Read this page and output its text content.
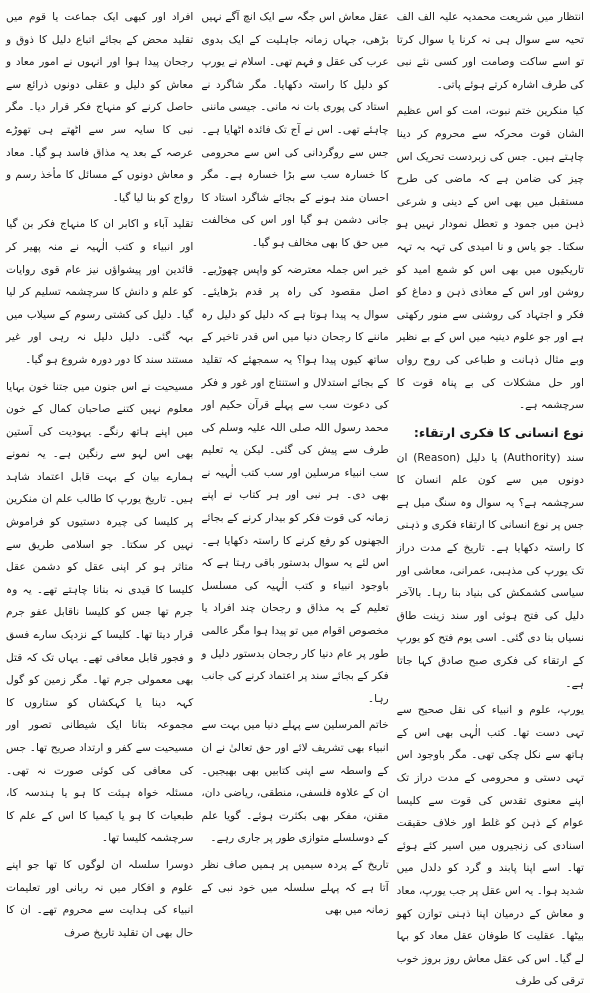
انتظار میں شریعت محمدیہ علیہ الف الف تحیہ سے سوال ہی نہ کرنا یا سوال کرتا تو اسے ساکت وصامت اور کسی نئے نبی کی طرف اشارہ کرتے ہوئے پاتی۔

کیا منکرین ختم نبوت، امت کو اس عظیم الشان قوت محرکہ سے محروم کر دینا چاہتے ہیں۔ جس کی زبردست تحریک اس چیز کی ضامن ہے کہ ماضی کی طرح مستقبل میں بھی اس کے دینی و شرعی ذہن میں جمود و تعطل نمودار نہیں ہو سکتا۔ جو یاس و نا امیدی کی تہہ بہ تہہ تاریکیوں میں بھی اس کو شمع امید کو روشن اور اس کے معاذی ذہن و دماغ کو فکر و اجتہاد کی روشنی سے منور رکھتی ہے اور جو علوم دینیہ میں اس کے بے نظیر وبے مثال ذہانت و طباعی کی روح رواں اور حل مشکلات کی بے پناہ قوت کا سرچشمہ ہے۔

نوع انسانی کا فکری ارتقاء:

سند (Authority) یا دلیل (Reason) ان دونوں میں سے کون علم انسان کا سرچشمہ ہے؟ یہ سوال وہ سنگ میل ہے جس پر نوع انسانی کا ارتقاء فکری و ذہنی کا راستہ دکھایا ہے۔ تاریخ کے مدت دراز تک یورپ کی مذہبی، عمرانی، معاشی اور سیاسی کشمکش کی بنیاد بنا رہا۔ بالآخر دلیل کی فتح ہوئی اور سند زینت طاق نسیاں بنا دی گئی۔ اسی یوم فتح کو یورپ کے ارتقاء کی فکری صبح صادق کہا جاتا ہے۔

یورپ، علوم و انبیاء کی نقل صحیح سے تہی دست تھا۔ کتب الٰہی بھی اس کے ہاتھ سے نکل چکی تھی۔ مگر باوجود اس تہی دستی و محرومی کے مدت دراز تک اپنے معنوی تقدس کی قوت سے کلیسا عوام کے ذہن کو غلط اور خلاف حقیقت اسنادی کی زنجیروں میں اسیر کئے ہوئے تھا۔ اسے اپنا پابند و گرد کو دلدل میں شدید ہوا۔ یہ اس عقل پر جب یورپ، معاد و معاش کے درمیان اپنا ذہنی توازن کھو بیٹھا۔ عقلیت کا طوفان عقل معاد کو بہا لے گیا۔ اس کی عقل معاش روز بروز خوب ترقی کی طرف

عقل معاش اس جگہ سے ایک انچ آگے نہیں بڑھی، جہاں زمانہ جاہلیت کے ایک بدوی عرب کی عقل و فہم تھی۔ اسلام نے یورپ کو دلیل کا راستہ دکھایا۔ مگر شاگرد نے استاد کی پوری بات نہ مانی۔ جیسی ماننی چاہئے تھی۔ اس نے آج تک فائدہ اٹھایا ہے۔ جس سے روگردانی کی اس سے محرومی کا خسارہ سب سے بڑا خسارہ ہے۔ مگر احسان مند ہونے کے بجائے شاگرد استاد کا جانی دشمن ہو گیا اور اس کی مخالفت میں حق کا بھی مخالف ہو گیا۔

خیر اس جملہ معترضہ کو واپس چھوڑیے۔ اصل مقصود کی راہ پر قدم بڑھایئے۔ سوال یہ پیدا ہوتا ہے کہ دلیل کو دلیل رہ ماننے کا رجحان دنیا میں اس قدر تاخیر کے ساتھ کیوں پیدا ہوا؟ یہ سمجھئے کہ تقلید کے بجائے استدلال و استنتاج اور غور و فکر کی دعوت سب سے پہلے قرآن حکیم اور محمد رسول اللہ صلی اللہ علیہ وسلم کی طرف سے پیش کی گئی۔ لیکن یہ تعلیم سب انبیاء مرسلین اور سب کتب الٰہیہ نے بھی دی۔ ہر نبی اور ہر کتاب نے اپنے زمانہ کی قوت فکر کو بیدار کرنے کے بجائے الجھنوں کو رفع کرنے کا راستہ دکھایا ہے۔ اس لئے یہ سوال بدستور باقی رہتا ہے کہ باوجود انبیاء و کتب الٰہیہ کی مسلسل تعلیم کے یہ مذاق و رجحان چند افراد یا مخصوص اقوام میں تو پیدا ہوا مگر عالمی طور پر عام دنیا کار رجحان بدستور دلیل و فکر کے بجائے سند پر اعتماد کرنے کی جانب رہا۔

خاتم المرسلین سے پہلے دنیا میں بہت سے انبیاء بھی تشریف لائے اور حق تعالیٰ نے ان کے واسطہ سے اپنی کتابیں بھی بھیجیں۔ ان کے علاوہ فلسفی، منطقی، ریاضی دان، مقنن، مفکر بھی بکثرت ہوئے۔ گویا علم کے دوسلسلے متوازی طور پر جاری رہے۔

تاریخ کے پردہ سیمیں پر ہمیں صاف نظر آتا ہے کہ پہلے سلسلہ میں خود نبی کے زمانہ میں بھی

افراد اور کبھی ایک جماعت یا قوم میں تقلید محض کے بجائے اتباع دلیل کا ذوق و رجحان پیدا ہوا اور انہوں نے امور معاد و معاش کو دلیل و عقلی دونوں ذرائع سے حاصل کرنے کو منہاج فکر قرار دیا۔ مگر نبی کا سایہ سر سے اٹھتے ہی تھوڑے عرصہ کے بعد یہ مذاق فاسد ہو گیا۔ معاد و معاش دونوں کے مسائل کا مأخذ رسم و رواج کو بنا لیا گیا۔

تقلید آباء و اکابر ان کا منہاج فکر بن گیا اور انبیاء و کتب الٰہیہ نے منہ پھیر کر قائدین اور پیشواؤں نیز عام قوی روایات کو علم و دانش کا سرچشمہ تسلیم کر لیا گیا۔ دلیل کی کشتی رسوم کے سیلاب میں بہہ گئی۔ دلیل دلیل نہ رہی اور غیر مستند سند کا دور دورہ شروع ہو گیا۔

مسیحیت نے اس جنون میں جتنا خون بہایا معلوم نہیں کتنے صاحبان کمال کے خون میں اپنے ہاتھ رنگے۔ یہودیت کی آستین بھی اس لہو سے رنگین ہے۔ یہ نمونے ہمارے بیان کے بہت قابل اعتماد شاہد ہیں۔ تاریخ یورپ کا طالب علم ان منکرین پر کلیسا کی چیرہ دستیوں کو فراموش نہیں کر سکتا۔ جو اسلامی طریق سے متاثر ہو کر اپنی عقل کو دشمن عقل کلیسا کا قیدی نہ بنانا چاہتے تھے۔ یہ وہ جرم تھا جس کو کلیسا ناقابل عفو جرم قرار دیتا تھا۔ کلیسا کے نزدیک سارے فسق و فجور قابل معافی تھے۔ یہاں تک کہ قتل بھی معمولی جرم تھا۔ مگر زمین کو گول کہہ دینا یا کہکشاں کو ستاروں کا مجموعہ بتانا ایک شیطانی تصور اور مسیحیت سے کفر و ارتداد صریح تھا۔ جس کی معافی کی کوئی صورت نہ تھی۔ مسئلہ خواہ ہیئت کا ہو یا ہندسہ کا، طبعیات کا ہو یا کیمیا کا اس کے علم کا سرچشمہ کلیسا تھا۔

دوسرا سلسلہ ان لوگوں کا تھا جو اپنے علوم و افکار میں نہ ربانی اور تعلیمات انبیاء کی ہدایت سے محروم تھے۔ ان کا حال بھی ان تقلید تاریخ صرف
